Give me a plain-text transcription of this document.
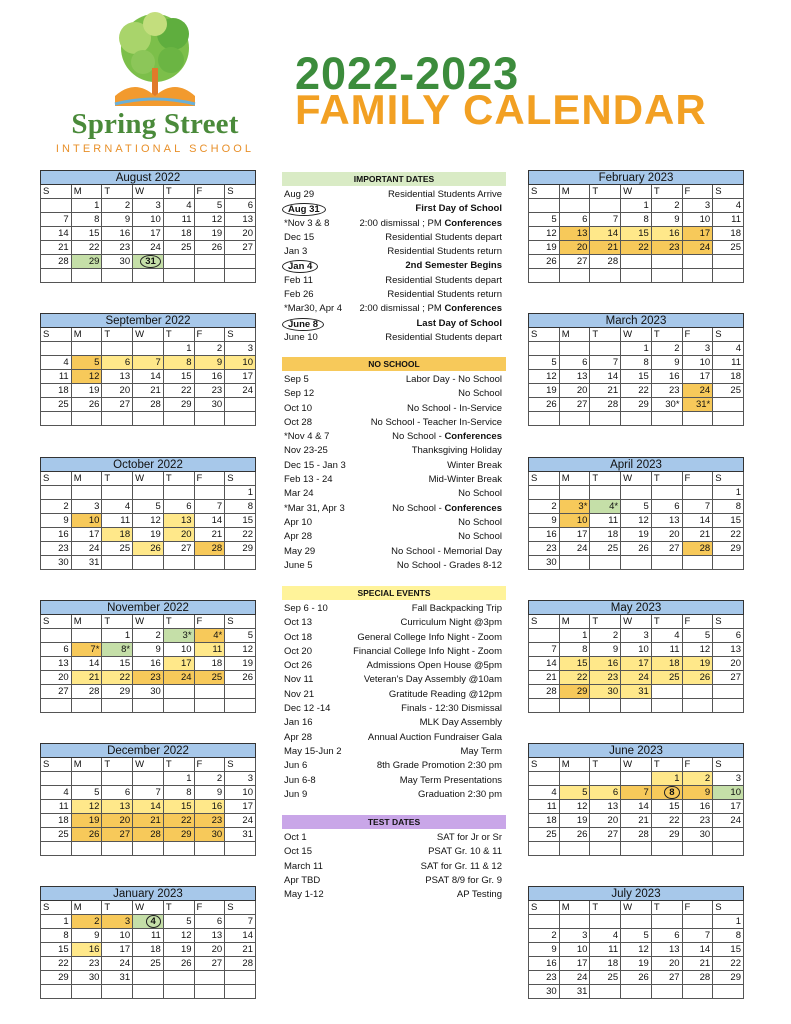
Spring Street
INTERNATIONAL SCHOOL
2022-2023
FAMILY CALENDAR
August 2022						
S	M	T	W	T	F	S
	1	2	3	4	5	6
7	8	9	10	11	12	13
14	15	16	17	18	19	20
21	22	23	24	25	26	27
28	29	30	31			

September 2022						
S	M	T	W	T	F	S
				1	2	3
4	5	6	7	8	9	10
11	12	13	14	15	16	17
18	19	20	21	22	23	24
25	26	27	28	29	30	

October 2022						
S	M	T	W	T	F	S
						1
2	3	4	5	6	7	8
9	10	11	12	13	14	15
16	17	18	19	20	21	22
23	24	25	26	27	28	29
30	31					
November 2022						
S	M	T	W	T	F	S
		1	2	3*	4*	5
6	7*	8*	9	10	11	12
13	14	15	16	17	18	19
20	21	22	23	24	25	26
27	28	29	30			

December 2022						
S	M	T	W	T	F	S
				1	2	3
4	5	6	7	8	9	10
11	12	13	14	15	16	17
18	19	20	21	22	23	24
25	26	27	28	29	30	31

January 2023						
S	M	T	W	T	F	S
1	2	3	4	5	6	7
8	9	10	11	12	13	14
15	16	17	18	19	20	21
22	23	24	25	26	27	28
29	30	31				

February 2023						
S	M	T	W	T	F	S
			1	2	3	4
5	6	7	8	9	10	11
12	13	14	15	16	17	18
19	20	21	22	23	24	25
26	27	28				

March 2023						
S	M	T	W	T	F	S
			1	2	3	4
5	6	7	8	9	10	11
12	13	14	15	16	17	18
19	20	21	22	23	24	25
26	27	28	29	30*	31*	

April 2023						
S	M	T	W	T	F	S
						1
2	3*	4*	5	6	7	8
9	10	11	12	13	14	15
16	17	18	19	20	21	22
23	24	25	26	27	28	29
30						
May 2023						
S	M	T	W	T	F	S
	1	2	3	4	5	6
7	8	9	10	11	12	13
14	15	16	17	18	19	20
21	22	23	24	25	26	27
28	29	30	31			

June 2023						
S	M	T	W	T	F	S
				1	2	3
4	5	6	7	8	9	10
11	12	13	14	15	16	17
18	19	20	21	22	23	24
25	26	27	28	29	30	

July 2023						
S	M	T	W	T	F	S
						1
2	3	4	5	6	7	8
9	10	11	12	13	14	15
16	17	18	19	20	21	22
23	24	25	26	27	28	29
30	31					
IMPORTANT DATES
Aug 29	Residential Students Arrive
Aug 31	First Day of School
*Nov 3 & 8	2:00 dismissal ; PM Conferences
Dec 15	Residential Students depart
Jan 3	Residential Students return
Jan 4	2nd Semester Begins
Feb 11	Residential Students depart
Feb 26	Residential Students return
*Mar30, Apr 4 2:00 dismissal ; PM Conferences
June 8	Last Day of School
June 10	Residential Students depart
NO SCHOOL
Sep 5	Labor Day - No School
Sep 12	No School
Oct 10	No School - In-Service
Oct 28	No School - Teacher In-Service
*Nov 4 & 7	No School - Conferences
Nov 23-25	Thanksgiving Holiday
Dec 15 - Jan 3	Winter Break
Feb 13 - 24	Mid-Winter Break
Mar 24	No School
*Mar 31, Apr 3	No School - Conferences
Apr 10	No School
Apr 28	No School
May 29	No School - Memorial Day
June 5	No School - Grades 8-12
SPECIAL EVENTS
Sep 6 - 10	Fall Backpacking Trip
Oct 13	Curriculum Night @3pm
Oct 18	General College Info Night - Zoom
Oct 20	Financial College Info Night - Zoom
Oct 26	Admissions Open House @5pm
Nov 11	Veteran's Day Assembly @10am
Nov 21	Gratitude Reading @12pm
Dec 12 -14	Finals - 12:30 Dismissal
Jan 16	MLK Day Assembly
Apr 28	Annual Auction Fundraiser Gala
May 15-Jun 2	May Term
Jun 6	8th Grade Promotion 2:30 pm
Jun 6-8	May Term Presentations
Jun 9	Graduation 2:30 pm
TEST DATES
Oct 1	SAT for Jr or Sr
Oct 15	PSAT Gr. 10 & 11
March 11	SAT for Gr. 11 & 12
Apr TBD	PSAT 8/9 for Gr. 9
May 1-12	AP Testing
